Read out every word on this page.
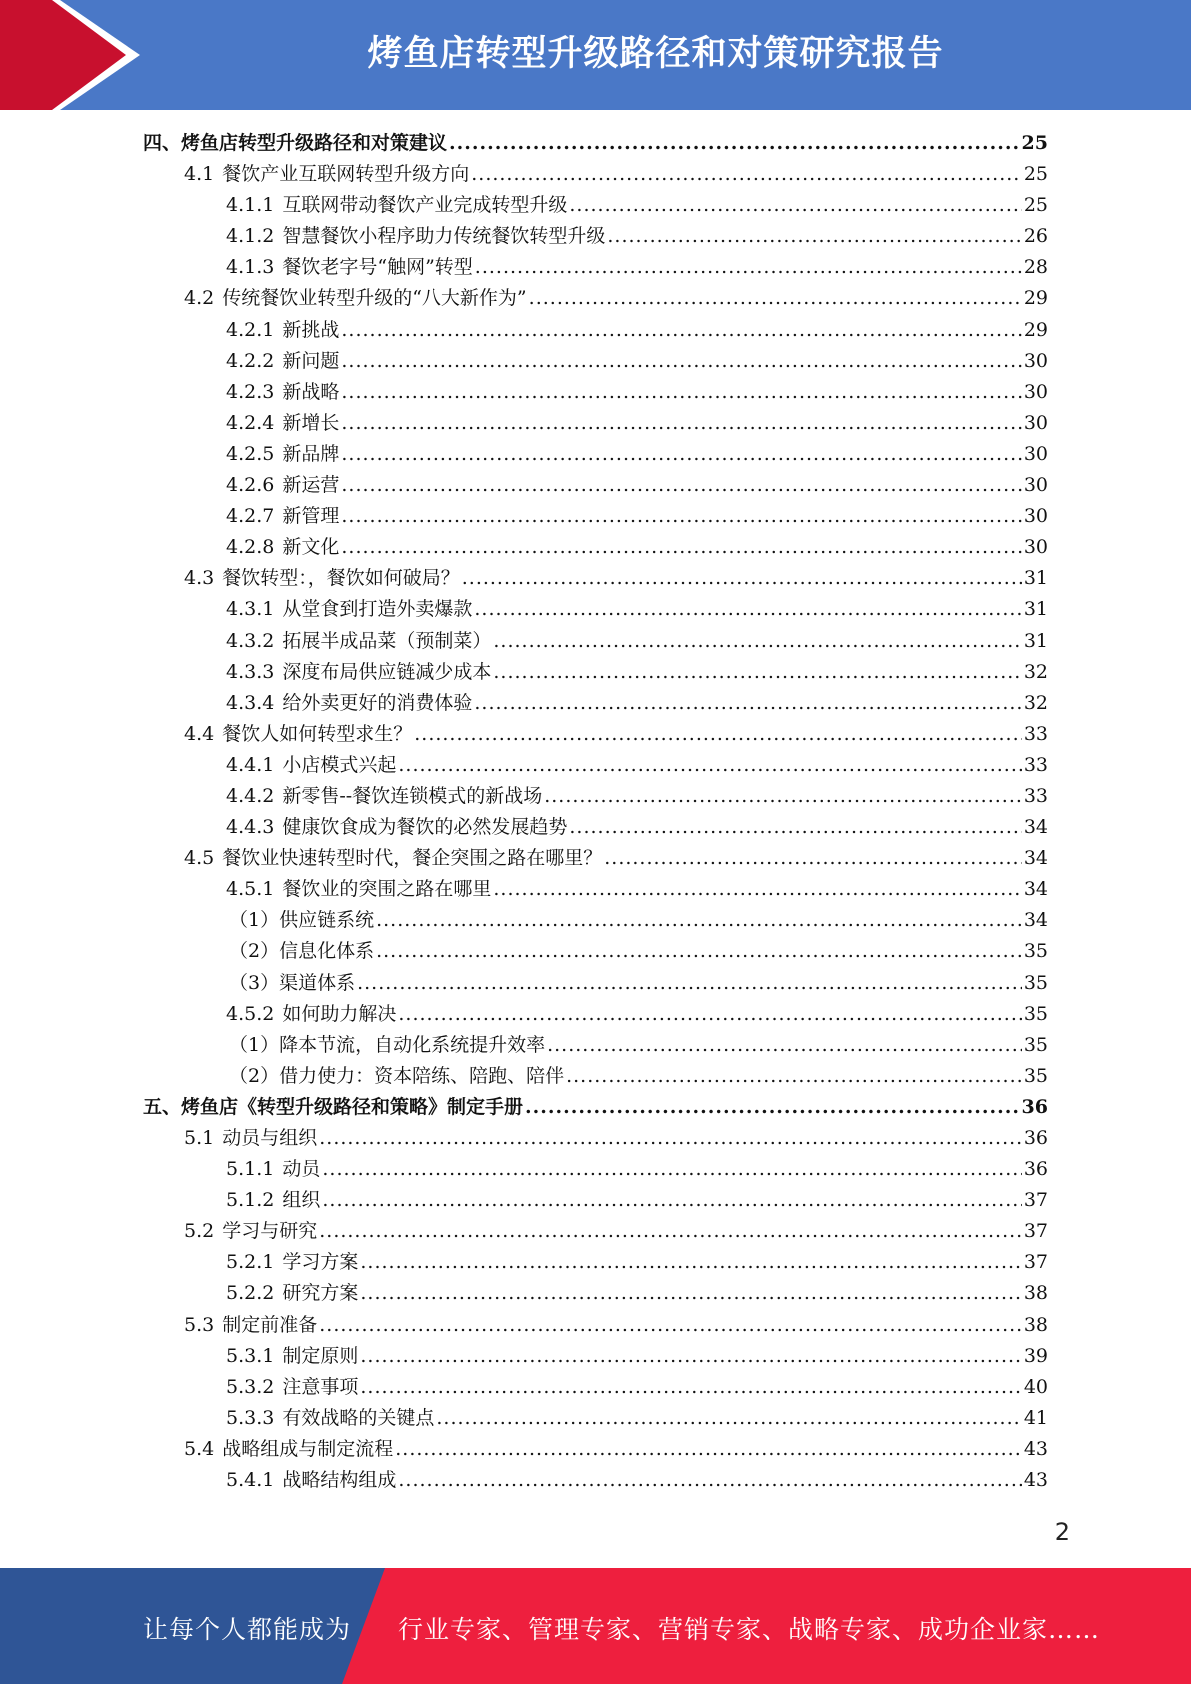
烤鱼店转型升级路径和对策研究报告
四、烤鱼店转型升级路径和对策建议 .....	25
4.1 餐饮产业互联网转型升级方向 .....	25
4.1.1 互联网带动餐饮产业完成转型升级 .....	25
4.1.2 智慧餐饮小程序助力传统餐饮转型升级 .....	26
4.1.3 餐饮老字号“触网”转型 .....	28
4.2 传统餐饮业转型升级的“八大新作为” .....	29
4.2.1 新挑战 .....	29
4.2.2 新问题 .....	30
4.2.3 新战略 .....	30
4.2.4 新增长 .....	30
4.2.5 新品牌 .....	30
4.2.6 新运营 .....	30
4.2.7 新管理 .....	30
4.2.8 新文化 .....	30
4.3 餐饮转型：，餐饮如何破局？ .....	31
4.3.1 从堂食到打造外卖爆款 .....	31
4.3.2 拓展半成品菜（预制菜） .....	31
4.3.3 深度布局供应链减少成本 .....	32
4.3.4 给外卖更好的消费体验 .....	32
4.4 餐饮人如何转型求生？ .....	33
4.4.1 小店模式兴起 .....	33
4.4.2 新零售--餐饮连锁模式的新战场 .....	33
4.4.3 健康饮食成为餐饮的必然发展趋势 .....	34
4.5 餐饮业快速转型时代，餐企突围之路在哪里？ .....	34
4.5.1 餐饮业的突围之路在哪里 .....	34
（1）供应链系统 .....	34
（2）信息化体系 .....	35
（3）渠道体系 .....	35
4.5.2 如何助力解决 .....	35
（1）降本节流，自动化系统提升效率 .....	35
（2）借力使力：资本陪练、陪跑、陪伴 .....	35
五、烤鱼店《转型升级路径和策略》制定手册 .....	36
5.1 动员与组织 .....	36
5.1.1 动员 .....	36
5.1.2 组织 .....	37
5.2 学习与研究 .....	37
5.2.1 学习方案 .....	37
5.2.2 研究方案 .....	38
5.3 制定前准备 .....	38
5.3.1 制定原则 .....	39
5.3.2 注意事项 .....	40
5.3.3 有效战略的关键点 .....	41
5.4 战略组成与制定流程 .....	43
5.4.1 战略结构组成 .....	43
2
让每个人都能成为 行业专家、管理专家、营销专家、战略专家、成功企业家……
